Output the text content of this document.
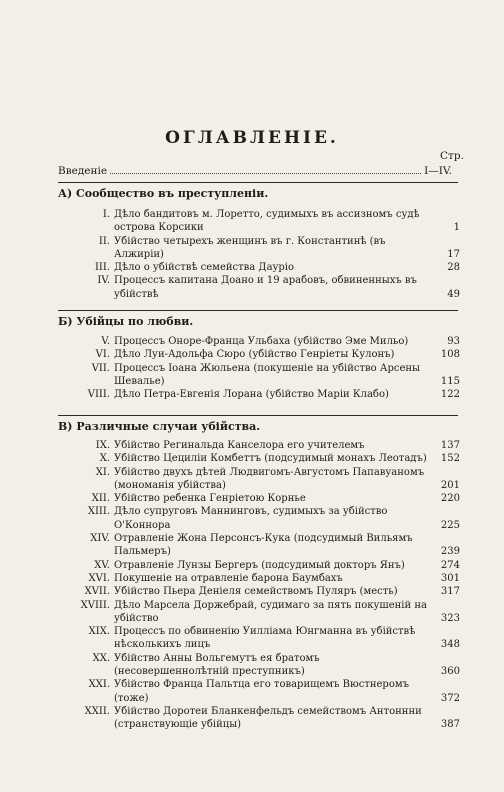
ОГЛАВЛЕНІЕ.
Стр.
Введеніе	I—IV.
А) Сообщество въ преступленіи.
I. Дѣло бандитовъ м. Лоретто, судимыхъ въ ассизномъ судѣ острова Корсики	1
II. Убійство четырехъ женщинъ въ г. Константинѣ (въ Алжиріи)	17
III. Дѣло о убійствѣ семейства Дауріо	28
IV. Процессъ капитана Доано и 19 арабовъ, обвиненныхъ въ убійствѣ	49
Б) Убійцы по любви.
V. Процессъ Оноре-Франца Ульбаха (убійство Эме Мильо)	93
VI. Дѣло Луи-Адольфа Сюро (убійство Генріеты Кулонъ)	108
VII. Процессъ Іоана Жюльена (покушеніе на убійство Арсены Шевалье)	115
VIII. Дѣло Петра-Евгенія Лорана (убійство Маріи Клабо)	122
В) Различные случаи убійства.
IX. Убійство Регинальда Канселора его учителемъ	137
X. Убійство Цециліи Комбеттъ (подсудимый монахъ Леотадъ)	152
XI. Убійство двухъ дѣтей Людвигомъ-Августомъ Папавуаномъ (мономанія убійства)	201
XII. Убійство ребенка Генріетою Корнье	220
XIII. Дѣло супруговъ Маннинговъ, судимыхъ за убійство О'Коннора	225
XIV. Отравленіе Жона Персонсъ-Кука (подсудимый Вильямъ Пальмеръ)	239
XV. Отравленіе Лунзы Бергеръ (подсудимый докторъ Янъ)	274
XVI. Покушеніе на отравленіе барона Баумбахъ	301
XVII. Убійство Пьера Денiеля семействомъ Пуляръ (месть)	317
XVIII. Дѣло Марсела Доржебрай, судимаго за пять покушеній на убійство	323
XIX. Процессъ по обвиненію Уилліама Юнгманна въ убійствѣ нѣсколькихъ лицъ	348
XX. Убійство Анны Вольгемутъ ея братомъ (несовершеннолѣтній преступникъ)	360
XXI. Убійство Франца Пальтца его товарищемъ Вюстнеромъ (тоже)	372
XXII. Убійство Доротеи Бланкенфельдъ семействомъ Антоннни (странствующіе убійцы)	387
